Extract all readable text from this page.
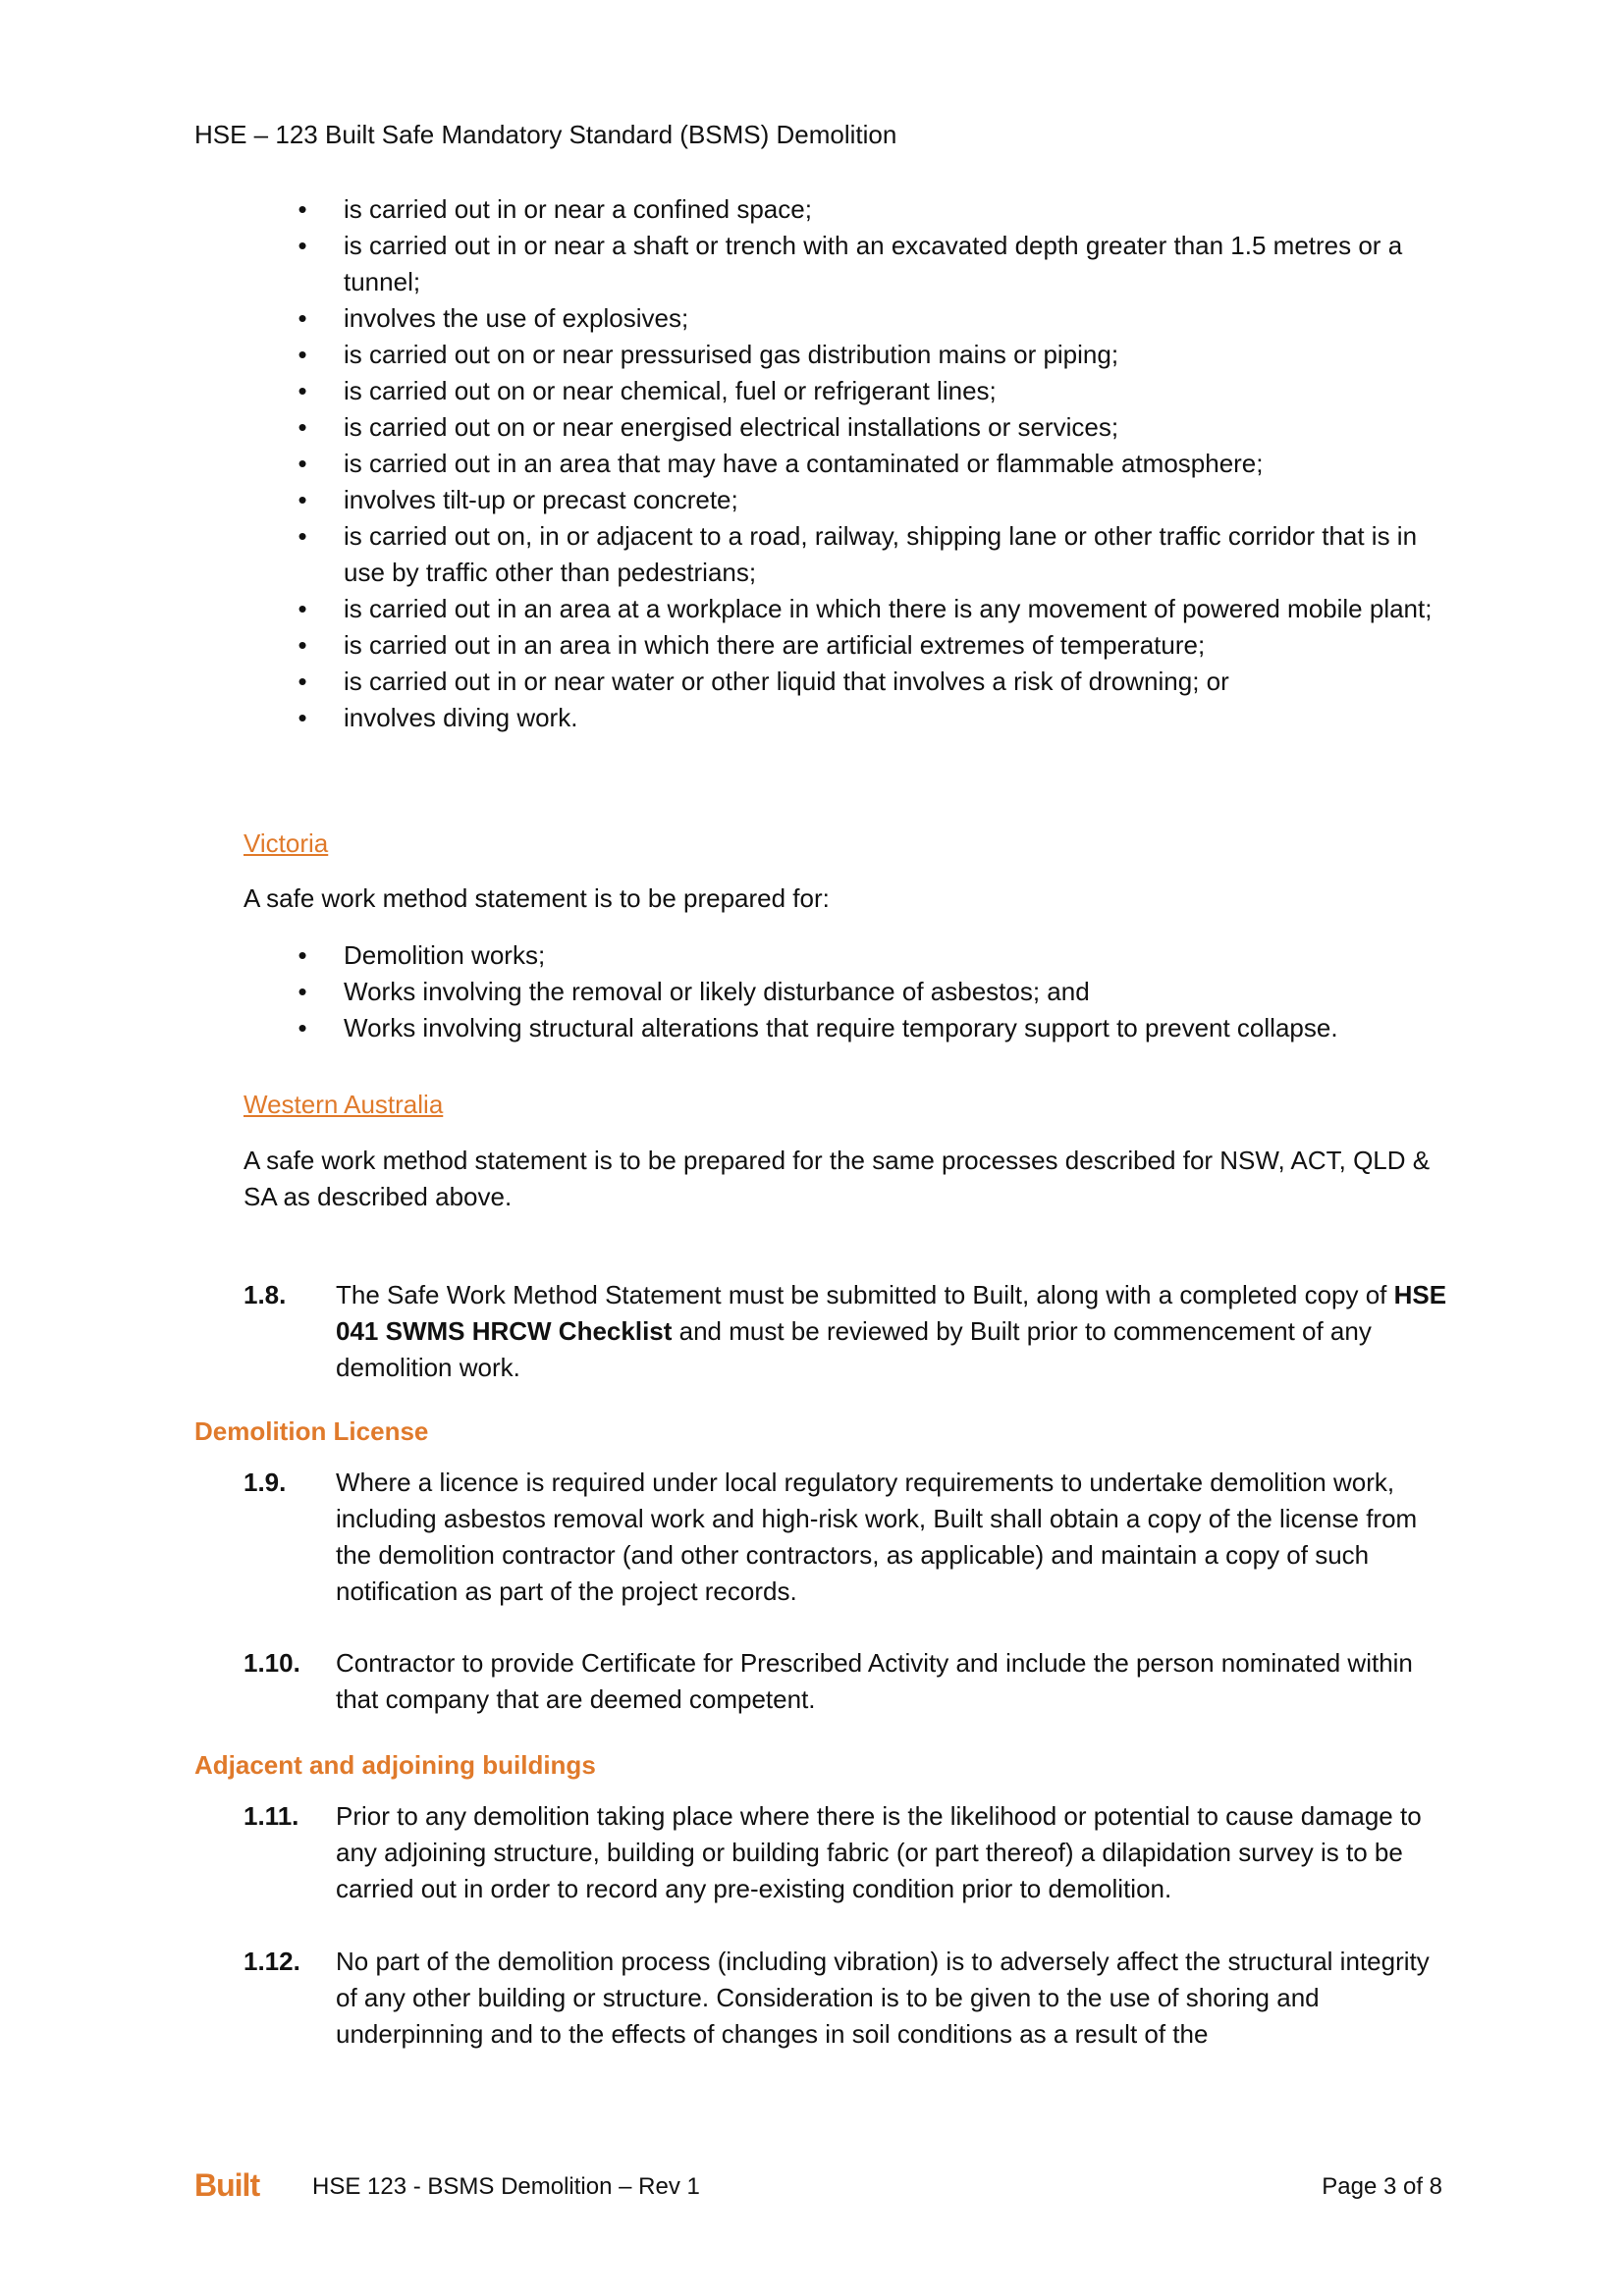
HSE – 123 Built Safe Mandatory Standard (BSMS) Demolition
• is carried out in or near a confined space;
• is carried out in or near a shaft or trench with an excavated depth greater than 1.5 metres or a tunnel;
• involves the use of explosives;
• is carried out on or near pressurised gas distribution mains or piping;
• is carried out on or near chemical, fuel or refrigerant lines;
• is carried out on or near energised electrical installations or services;
• is carried out in an area that may have a contaminated or flammable atmosphere;
• involves tilt-up or precast concrete;
• is carried out on, in or adjacent to a road, railway, shipping lane or other traffic corridor that is in use by traffic other than pedestrians;
• is carried out in an area at a workplace in which there is any movement of powered mobile plant;
• is carried out in an area in which there are artificial extremes of temperature;
• is carried out in or near water or other liquid that involves a risk of drowning; or
• involves diving work.
Victoria
A safe work method statement is to be prepared for:
• Demolition works;
• Works involving the removal or likely disturbance of asbestos; and
• Works involving structural alterations that require temporary support to prevent collapse.
Western Australia
A safe work method statement is to be prepared for the same processes described for NSW, ACT, QLD & SA as described above.
1.8. The Safe Work Method Statement must be submitted to Built, along with a completed copy of HSE 041 SWMS HRCW Checklist and must be reviewed by Built prior to commencement of any demolition work.
Demolition License
1.9. Where a licence is required under local regulatory requirements to undertake demolition work, including asbestos removal work and high-risk work, Built shall obtain a copy of the license from the demolition contractor (and other contractors, as applicable) and maintain a copy of such notification as part of the project records.
1.10. Contractor to provide Certificate for Prescribed Activity and include the person nominated within that company that are deemed competent.
Adjacent and adjoining buildings
1.11. Prior to any demolition taking place where there is the likelihood or potential to cause damage to any adjoining structure, building or building fabric (or part thereof) a dilapidation survey is to be carried out in order to record any pre-existing condition prior to demolition.
1.12. No part of the demolition process (including vibration) is to adversely affect the structural integrity of any other building or structure. Consideration is to be given to the use of shoring and underpinning and to the effects of changes in soil conditions as a result of the
Built HSE 123 - BSMS Demolition – Rev 1	Page 3 of 8
